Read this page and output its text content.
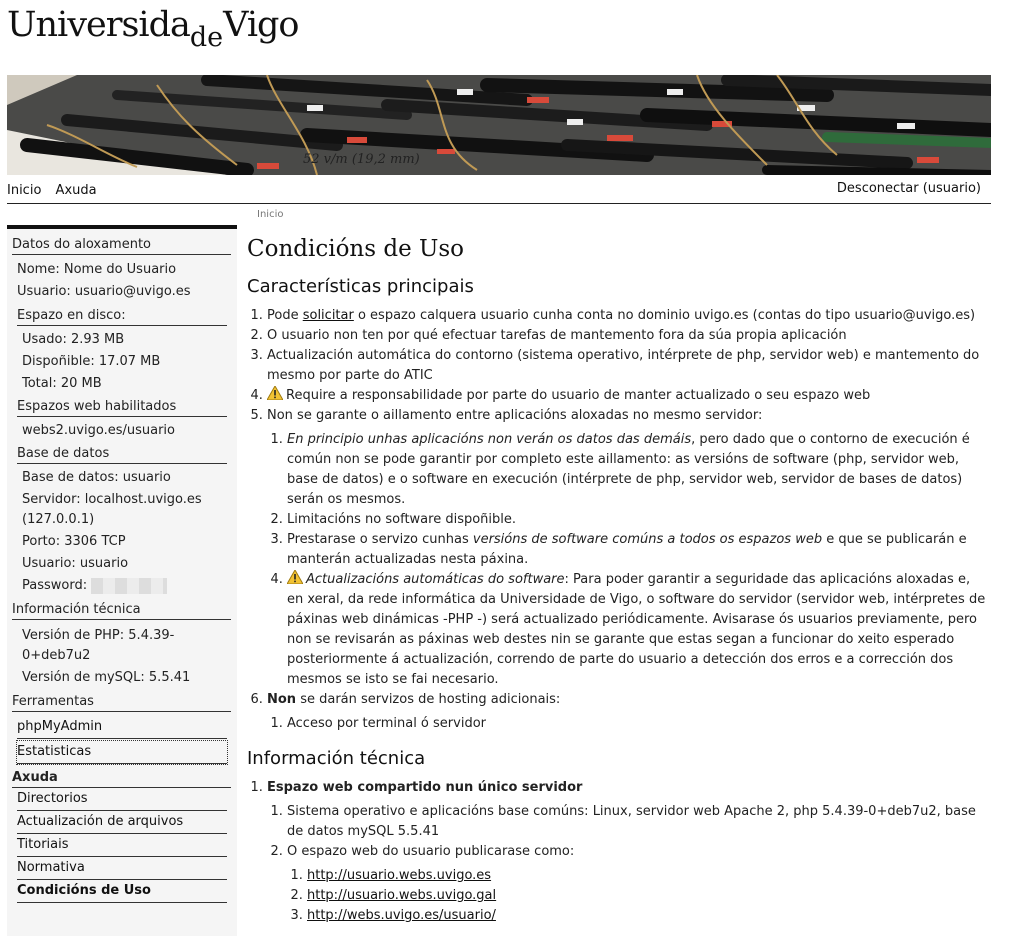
Universida$_{de}$Vigo
52 v/m (19,2 mm)
Inicio Axuda	Desconectar (usuario)
Inicio
Datos do aloxamento
Nome: Nome do Usuario
Usuario: usuario@uvigo.es
Espazo en disco:
Usado: 2.93 MB
Dispoñible: 17.07 MB
Total: 20 MB
Espazos web habilitados
webs2.uvigo.es/usuario
Base de datos
Base de datos: usuario
Servidor: localhost.uvigo.es
(127.0.0.1)
Porto: 3306 TCP
Usuario: usuario
Password:
Información técnica
Versión de PHP: 5.4.39-
0+deb7u2
Versión de mySQL: 5.5.41
Ferramentas
phpMyAdmin
Estatisticas
Axuda
Directorios
Actualización de arquivos
Titoriais
Normativa
Condicións de Uso
Condicións de Uso
Características principais
1. Pode solicitar o espazo calquera usuario cunha conta no dominio uvigo.es (contas do tipo usuario@uvigo.es)
2. O usuario non ten por qué efectuar tarefas de mantemento fora da súa propia aplicación
3. Actualización automática do contorno (sistema operativo, intérprete de php, servidor web) e mantemento do mesmo por parte do ATIC
4. Require a responsabilidade por parte do usuario de manter actualizado o seu espazo web
5. Non se garante o aillamento entre aplicacións aloxadas no mesmo servidor:
1. En principio unhas aplicacións non verán os datos das demáis, pero dado que o contorno de execución é común non se pode garantir por completo este aillamento: as versións de software (php, servidor web, base de datos) e o software en execución (intérprete de php, servidor web, servidor de bases de datos) serán os mesmos.
2. Limitacións no software dispoñible.
3. Prestarase o servizo cunhas versións de software comúns a todos os espazos web e que se publicarán e manterán actualizadas nesta páxina.
4. Actualizacións automáticas do software: Para poder garantir a seguridade das aplicacións aloxadas e, en xeral, da rede informática da Universidade de Vigo, o software do servidor (servidor web, intérpretes de páxinas web dinámicas -PHP -) será actualizado periódicamente. Avisarase ós usuarios previamente, pero non se revisarán as páxinas web destes nin se garante que estas segan a funcionar do xeito esperado posteriormente á actualización, correndo de parte do usuario a detección dos erros e a corrección dos mesmos se isto se fai necesario.
6. Non se darán servizos de hosting adicionais:
1. Acceso por terminal ó servidor
Información técnica
1. Espazo web compartido nun único servidor
1. Sistema operativo e aplicacións base comúns: Linux, servidor web Apache 2, php 5.4.39-0+deb7u2, base de datos mySQL 5.5.41
2. O espazo web do usuario publicarase como:
1. http://usuario.webs.uvigo.es
2. http://usuario.webs.uvigo.gal
3. http://webs.uvigo.es/usuario/
